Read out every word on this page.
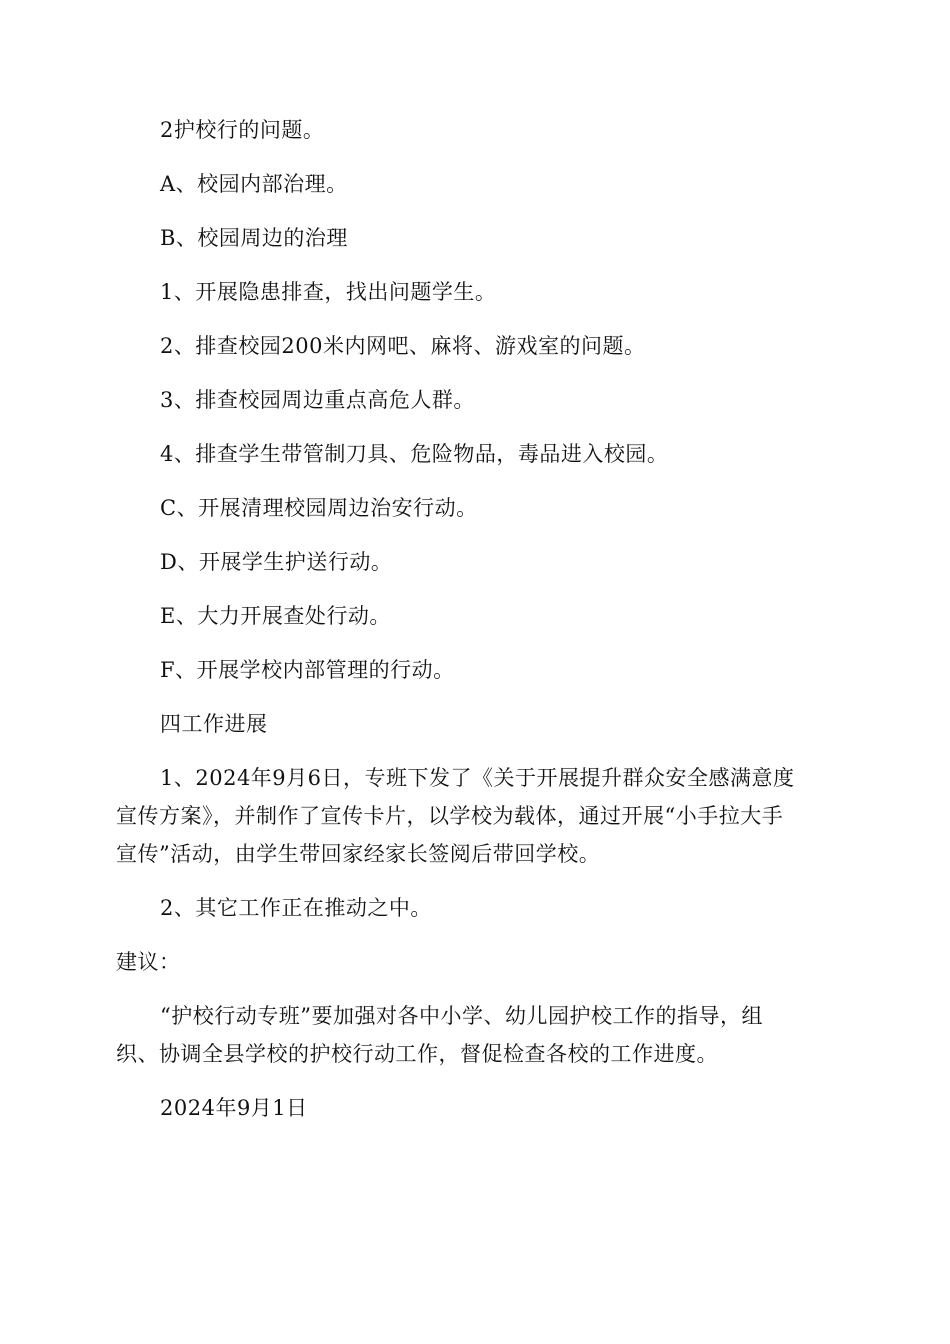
2护校行的问题。
A、校园内部治理。
B、校园周边的治理
1、开展隐患排查，找出问题学生。
2、排查校园200米内网吧、麻将、游戏室的问题。
3、排查校园周边重点高危人群。
4、排查学生带管制刀具、危险物品，毒品进入校园。
C、开展清理校园周边治安行动。
D、开展学生护送行动。
E、大力开展查处行动。
F、开展学校内部管理的行动。
四工作进展
1、2024年9月6日，专班下发了《关于开展提升群众安全感满意度
宣传方案》，并制作了宣传卡片，以学校为载体，通过开展“小手拉大手
宣传”活动，由学生带回家经家长签阅后带回学校。
2、其它工作正在推动之中。
建议：
“护校行动专班”要加强对各中小学、幼儿园护校工作的指导，组
织、协调全县学校的护校行动工作，督促检查各校的工作进度。
2024年9月1日
